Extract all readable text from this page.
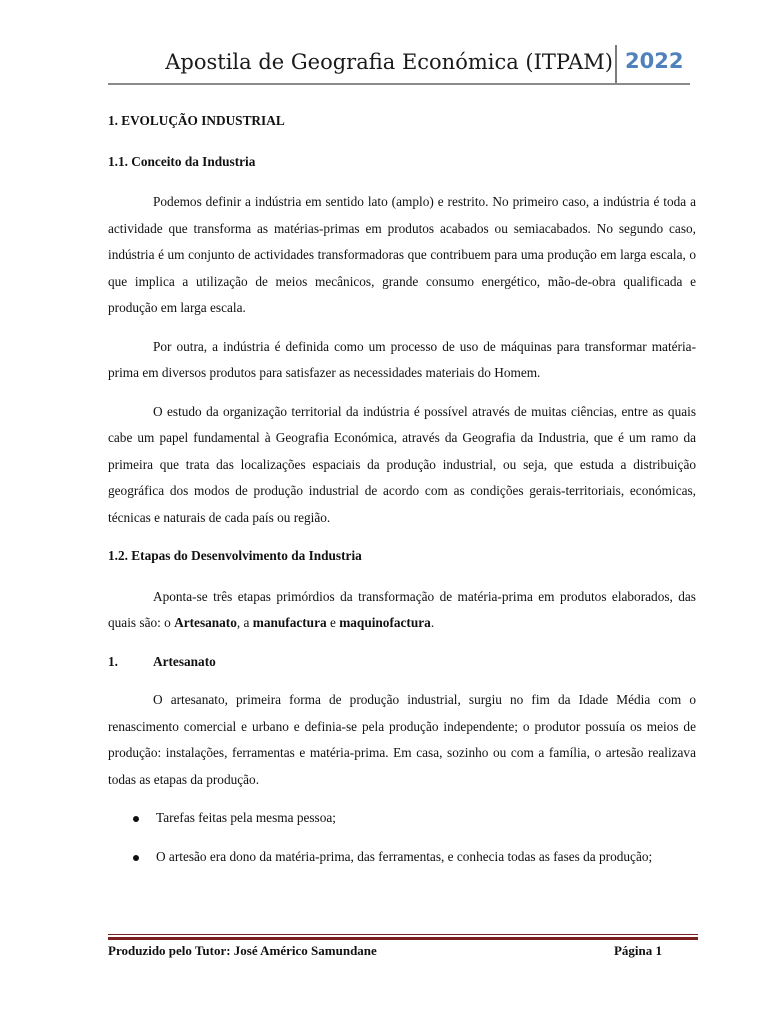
Apostila de Geografia Económica (ITPAM) 2022
1. EVOLUÇÃO INDUSTRIAL
1.1. Conceito da Industria
Podemos definir a indústria em sentido lato (amplo) e restrito. No primeiro caso, a indústria é toda a actividade que transforma as matérias-primas em produtos acabados ou semiacabados. No segundo caso, indústria é um conjunto de actividades transformadoras que contribuem para uma produção em larga escala, o que implica a utilização de meios mecânicos, grande consumo energético, mão-de-obra qualificada e produção em larga escala.
Por outra, a indústria é definida como um processo de uso de máquinas para transformar matéria-prima em diversos produtos para satisfazer as necessidades materiais do Homem.
O estudo da organização territorial da indústria é possível através de muitas ciências, entre as quais cabe um papel fundamental à Geografia Económica, através da Geografia da Industria, que é um ramo da primeira que trata das localizações espaciais da produção industrial, ou seja, que estuda a distribuição geográfica dos modos de produção industrial de acordo com as condições gerais-territoriais, económicas, técnicas e naturais de cada país ou região.
1.2. Etapas do Desenvolvimento da Industria
Aponta-se três etapas primórdios da transformação de matéria-prima em produtos elaborados, das quais são: o Artesanato, a manufactura e maquinofactura.
1.	Artesanato
O artesanato, primeira forma de produção industrial, surgiu no fim da Idade Média com o renascimento comercial e urbano e definia-se pela produção independente; o produtor possuía os meios de produção: instalações, ferramentas e matéria-prima. Em casa, sozinho ou com a família, o artesão realizava todas as etapas da produção.
Tarefas feitas pela mesma pessoa;
O artesão era dono da matéria-prima, das ferramentas, e conhecia todas as fases da produção;
Produzido pelo Tutor: José Américo Samundane	Página 1
